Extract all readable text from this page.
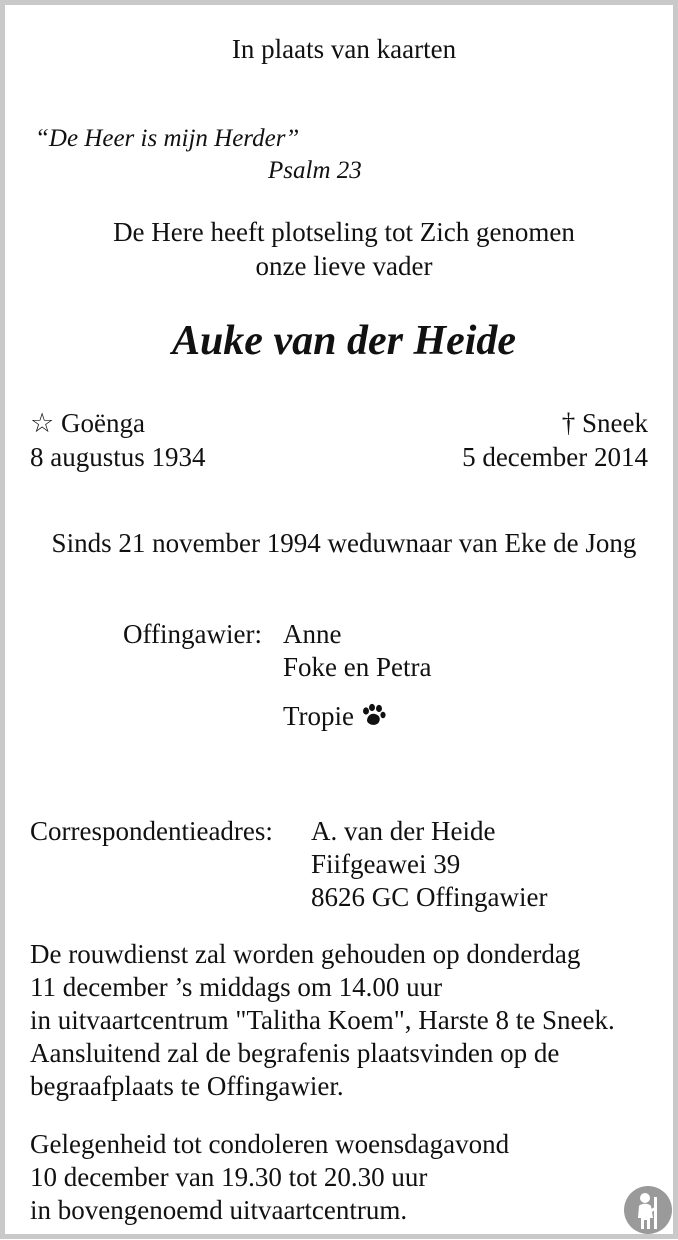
In plaats van kaarten

“De Heer is mijn Herder”

Psalm 23

De Here heeft plotseling tot Zich genomen

onze lieve vader

Auke van der Heide

☆ Goënga

8 augustus 1934

† Sneek

5 december 2014

Sinds 21 november 1994 weduwnaar van Eke de Jong

Offingawier: Anne

Foke en Petra

Tropie

Correspondentieadres: A. van der Heide

Fiifgeawei 39

8626 GC Offingawier

De rouwdienst zal worden gehouden op donderdag

11 december ’s middags om 14.00 uur

in uitvaartcentrum "Talitha Koem", Harste 8 te Sneek.

Aansluitend zal de begrafenis plaatsvinden op de

begraafplaats te Offingawier.

Gelegenheid tot condoleren woensdagavond

10 december van 19.30 tot 20.30 uur

in bovengenoemd uitvaartcentrum.
